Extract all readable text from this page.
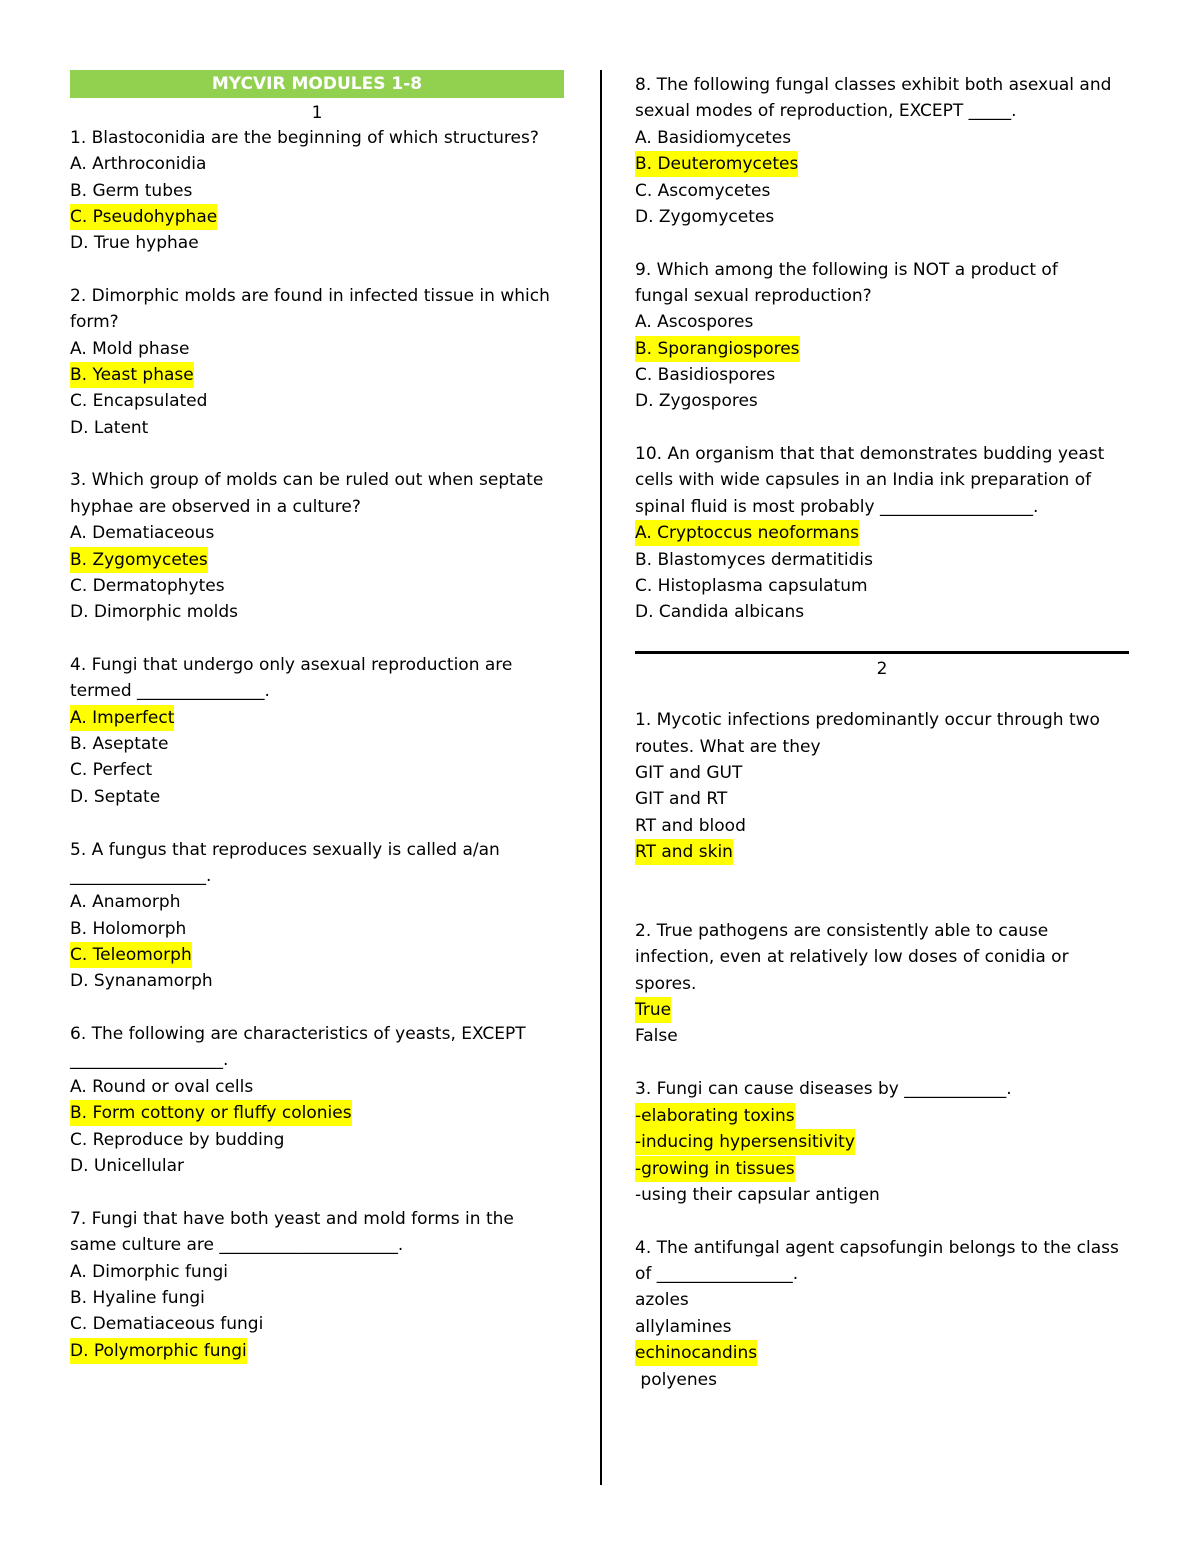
MYCVIR MODULES 1-8
1
1. Blastoconidia are the beginning of which structures?
A. Arthroconidia
B. Germ tubes
C. Pseudohyphae
D. True hyphae
2. Dimorphic molds are found in infected tissue in which
form?
A. Mold phase
B. Yeast phase
C. Encapsulated
D. Latent
3. Which group of molds can be ruled out when septate
hyphae are observed in a culture?
A. Dematiaceous
B. Zygomycetes
C. Dermatophytes
D. Dimorphic molds
4. Fungi that undergo only asexual reproduction are
termed _______________.
A. Imperfect
B. Aseptate
C. Perfect
D. Septate
5. A fungus that reproduces sexually is called a/an
________________.
A. Anamorph
B. Holomorph
C. Teleomorph
D. Synanamorph
6. The following are characteristics of yeasts, EXCEPT
__________________.
A. Round or oval cells
B. Form cottony or fluffy colonies
C. Reproduce by budding
D. Unicellular
7. Fungi that have both yeast and mold forms in the
same culture are _____________________.
A. Dimorphic fungi
B. Hyaline fungi
C. Dematiaceous fungi
D. Polymorphic fungi
8. The following fungal classes exhibit both asexual and
sexual modes of reproduction, EXCEPT _____.
A. Basidiomycetes
B. Deuteromycetes
C. Ascomycetes
D. Zygomycetes
9. Which among the following is NOT a product of
fungal sexual reproduction?
A. Ascospores
B. Sporangiospores
C. Basidiospores
D. Zygospores
10. An organism that that demonstrates budding yeast
cells with wide capsules in an India ink preparation of
spinal fluid is most probably __________________.
A. Cryptoccus neoformans
B. Blastomyces dermatitidis
C. Histoplasma capsulatum
D. Candida albicans
2
1. Mycotic infections predominantly occur through two
routes. What are they
GIT and GUT
GIT and RT
RT and blood
RT and skin
2. True pathogens are consistently able to cause
infection, even at relatively low doses of conidia or
spores.
True
False
3. Fungi can cause diseases by ____________.
-elaborating toxins
-inducing hypersensitivity
-growing in tissues
-using their capsular antigen
4. The antifungal agent capsofungin belongs to the class
of ________________.
azoles
allylamines
echinocandins
polyenes
